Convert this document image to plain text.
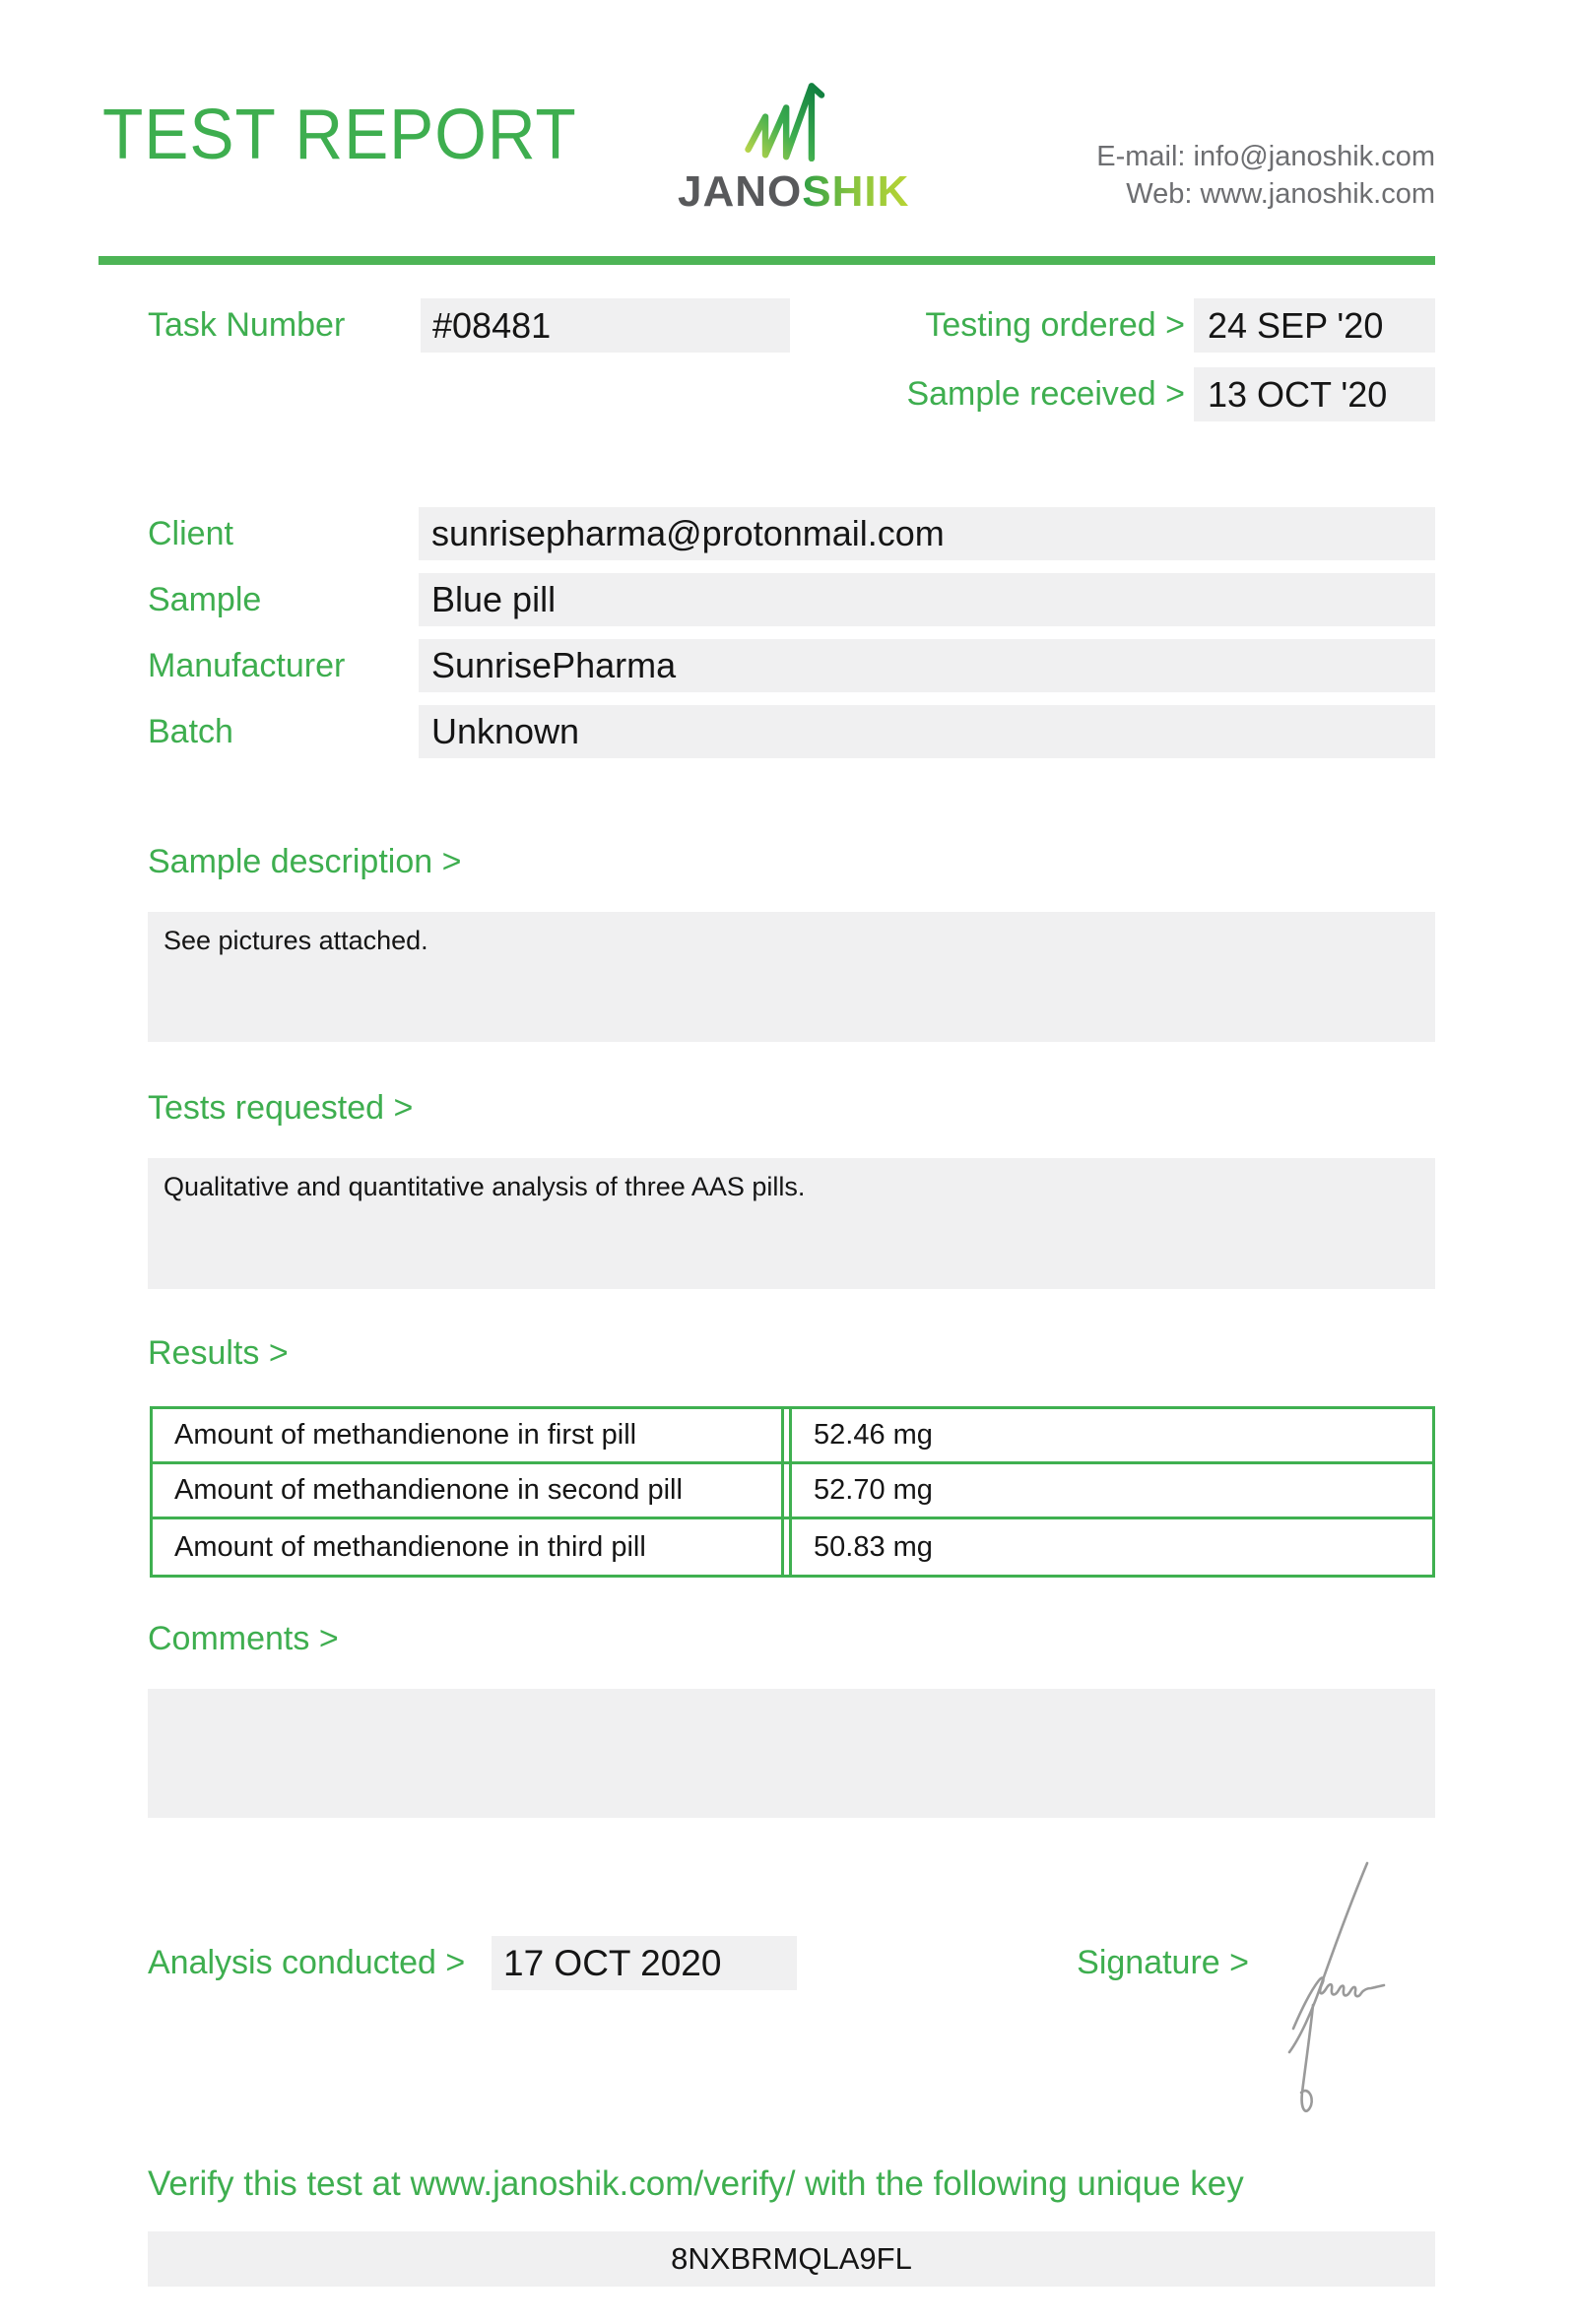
TEST REPORT
JANOSHIK
E-mail: info@janoshik.com
Web: www.janoshik.com
Task Number	#08481	Testing ordered > 24 SEP '20
Sample received > 13 OCT '20
Client	sunrisepharma@protonmail.com
Sample	Blue pill
Manufacturer	SunrisePharma
Batch	Unknown
Sample description >
See pictures attached.
Tests requested >
Qualitative and quantitative analysis of three AAS pills.
Results >
Amount of methandienone in first pill	52.46 mg
Amount of methandienone in second pill	52.70 mg
Amount of methandienone in third pill	50.83 mg
Comments >
Analysis conducted >	17 OCT 2020	Signature >
Verify this test at www.janoshik.com/verify/ with the following unique key
8NXBRMQLA9FL
